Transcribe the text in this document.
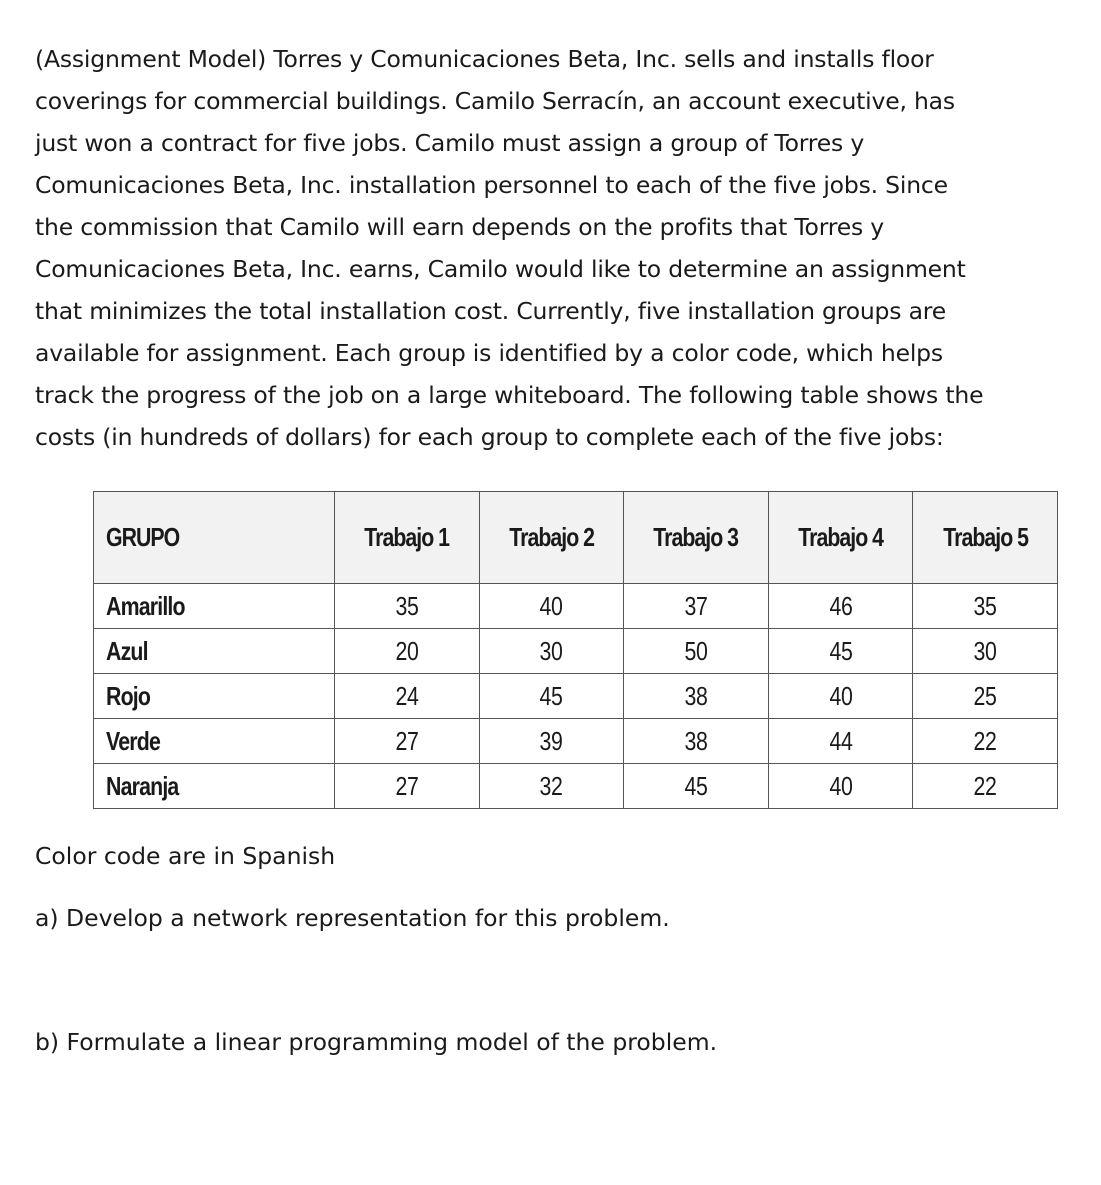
(Assignment Model) Torres y Comunicaciones Beta, Inc. sells and installs floor
coverings for commercial buildings. Camilo Serracín, an account executive, has
just won a contract for five jobs. Camilo must assign a group of Torres y
Comunicaciones Beta, Inc. installation personnel to each of the five jobs. Since
the commission that Camilo will earn depends on the profits that Torres y
Comunicaciones Beta, Inc. earns, Camilo would like to determine an assignment
that minimizes the total installation cost. Currently, five installation groups are
available for assignment. Each group is identified by a color code, which helps
track the progress of the job on a large whiteboard. The following table shows the
costs (in hundreds of dollars) for each group to complete each of the five jobs:

GRUPO	Trabajo 1	Trabajo 2	Trabajo 3	Trabajo 4	Trabajo 5
Amarillo	35	40	37	46	35
Azul	20	30	50	45	30
Rojo	24	45	38	40	25
Verde	27	39	38	44	22
Naranja	27	32	45	40	22

Color code are in Spanish

a) Develop a network representation for this problem.

b) Formulate a linear programming model of the problem.
